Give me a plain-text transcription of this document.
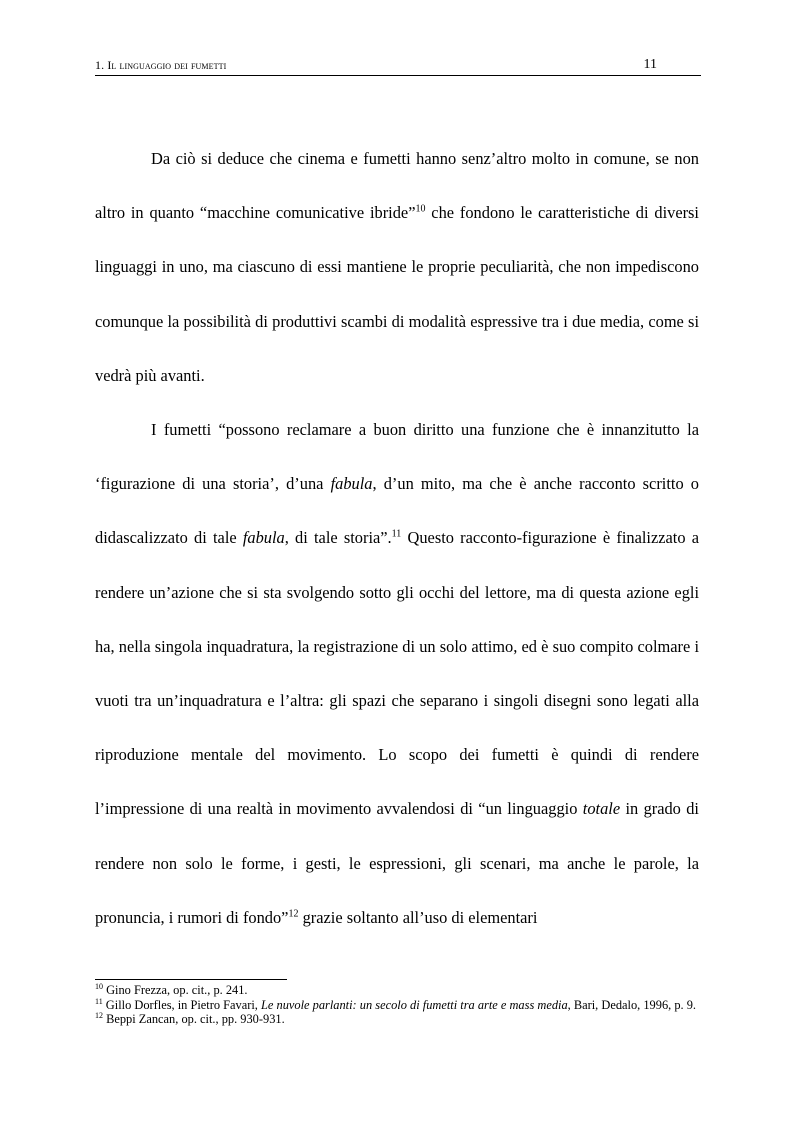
1. Il linguaggio dei fumetti	11

Da ciò si deduce che cinema e fumetti hanno senz’altro molto in comune, se non altro in quanto “macchine comunicative ibride”$^{10}$ che fondono le caratteristiche di diversi linguaggi in uno, ma ciascuno di essi mantiene le proprie peculiarità, che non impediscono comunque la possibilità di produttivi scambi di modalità espressive tra i due media, come si vedrà più avanti.

I fumetti “possono reclamare a buon diritto una funzione che è innanzitutto la ‘figurazione di una storia’, d’una fabula, d’un mito, ma che è anche racconto scritto o didascalizzato di tale fabula, di tale storia”.$^{11}$ Questo racconto-figurazione è finalizzato a rendere un’azione che si sta svolgendo sotto gli occhi del lettore, ma di questa azione egli ha, nella singola inquadratura, la registrazione di un solo attimo, ed è suo compito colmare i vuoti tra un’inquadratura e l’altra: gli spazi che separano i singoli disegni sono legati alla riproduzione mentale del movimento. Lo scopo dei fumetti è quindi di rendere l’impressione di una realtà in movimento avvalendosi di “un linguaggio totale in grado di rendere non solo le forme, i gesti, le espressioni, gli scenari, ma anche le parole, la pronuncia, i rumori di fondo”$^{12}$ grazie soltanto all’uso di elementari

$^{10}$ Gino Frezza, op. cit., p. 241.
$^{11}$ Gillo Dorfles, in Pietro Favari, Le nuvole parlanti: un secolo di fumetti tra arte e mass media, Bari, Dedalo, 1996, p. 9.
$^{12}$ Beppi Zancan, op. cit., pp. 930-931.
